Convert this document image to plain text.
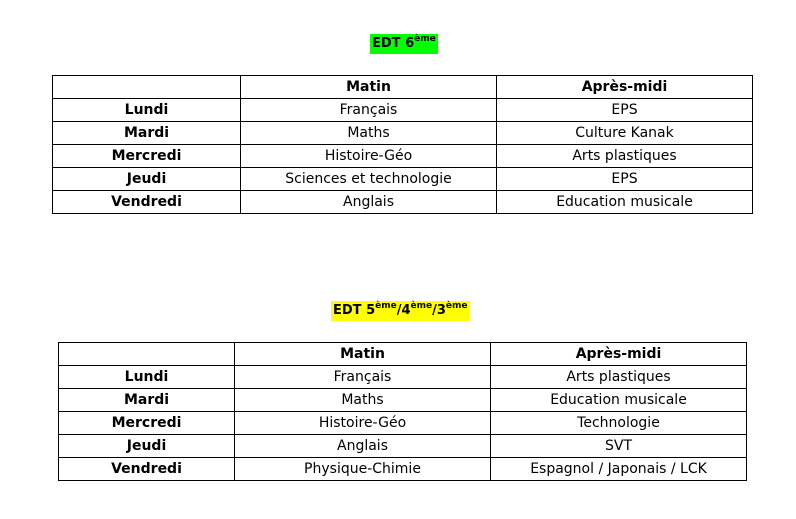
EDT 6ème
	Matin	Après-midi
Lundi	Français	EPS
Mardi	Maths	Culture Kanak
Mercredi	Histoire-Géo	Arts plastiques
Jeudi	Sciences et technologie	EPS
Vendredi	Anglais	Education musicale
EDT 5ème/4ème/3ème
	Matin	Après-midi
Lundi	Français	Arts plastiques
Mardi	Maths	Education musicale
Mercredi	Histoire-Géo	Technologie
Jeudi	Anglais	SVT
Vendredi	Physique-Chimie	Espagnol / Japonais / LCK
